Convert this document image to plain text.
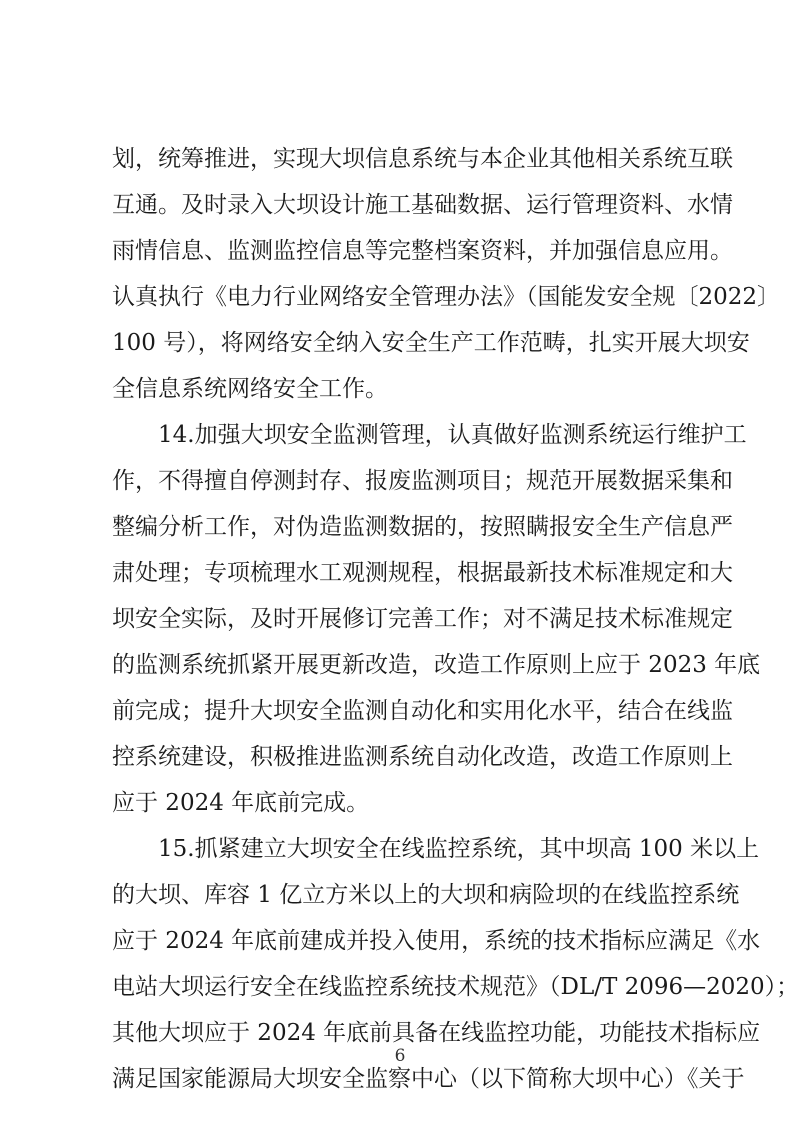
划，统筹推进，实现大坝信息系统与本企业其他相关系统互联
互通。及时录入大坝设计施工基础数据、运行管理资料、水情
雨情信息、监测监控信息等完整档案资料，并加强信息应用。
认真执行《电力行业网络安全管理办法》（国能发安全规〔2022〕
100 号），将网络安全纳入安全生产工作范畴，扎实开展大坝安
全信息系统网络安全工作。
14.加强大坝安全监测管理，认真做好监测系统运行维护工
作，不得擅自停测封存、报废监测项目；规范开展数据采集和
整编分析工作，对伪造监测数据的，按照瞒报安全生产信息严
肃处理；专项梳理水工观测规程，根据最新技术标准规定和大
坝安全实际，及时开展修订完善工作；对不满足技术标准规定
的监测系统抓紧开展更新改造，改造工作原则上应于 2023 年底
前完成；提升大坝安全监测自动化和实用化水平，结合在线监
控系统建设，积极推进监测系统自动化改造，改造工作原则上
应于 2024 年底前完成。
15.抓紧建立大坝安全在线监控系统，其中坝高 100 米以上
的大坝、库容 1 亿立方米以上的大坝和病险坝的在线监控系统
应于 2024 年底前建成并投入使用，系统的技术指标应满足《水
电站大坝运行安全在线监控系统技术规范》（DL/T 2096—2020）；
其他大坝应于 2024 年底前具备在线监控功能，功能技术指标应
满足国家能源局大坝安全监察中心（以下简称大坝中心）《关于
6
